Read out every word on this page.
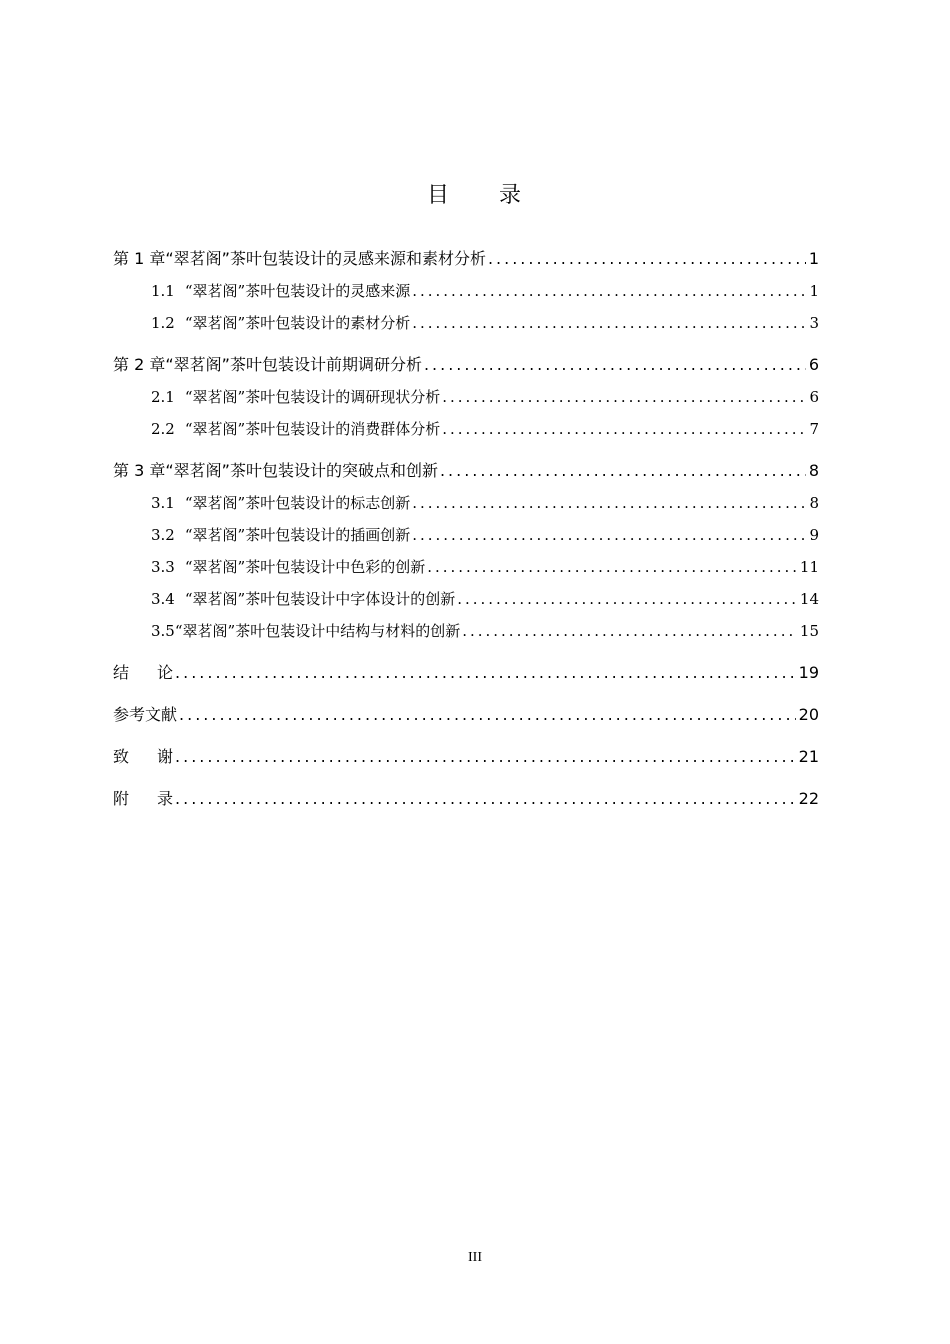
目 录
第 1 章 “翠茗阁”茶叶包装设计的灵感来源和素材分析 .....	1
1.1 “翠茗阁”茶叶包装设计的灵感来源 .....	1
1.2 “翠茗阁”茶叶包装设计的素材分析 .....	3
第 2 章 “翠茗阁”茶叶包装设计前期调研分析 .....	6
2.1 “翠茗阁”茶叶包装设计的调研现状分析 .....	6
2.2 “翠茗阁”茶叶包装设计的消费群体分析 .....	7
第 3 章 “翠茗阁”茶叶包装设计的突破点和创新 .....	8
3.1 “翠茗阁”茶叶包装设计的标志创新 .....	8
3.2 “翠茗阁”茶叶包装设计的插画创新 .....	9
3.3 “翠茗阁”茶叶包装设计中色彩的创新 .....	11
3.4 “翠茗阁”茶叶包装设计中字体设计的创新 .....	14
3.5 “翠茗阁”茶叶包装设计中结构与材料的创新 .....	15
结论 .....	19
参考文献 .....	20
致谢 .....	21
附录 .....	22
III
